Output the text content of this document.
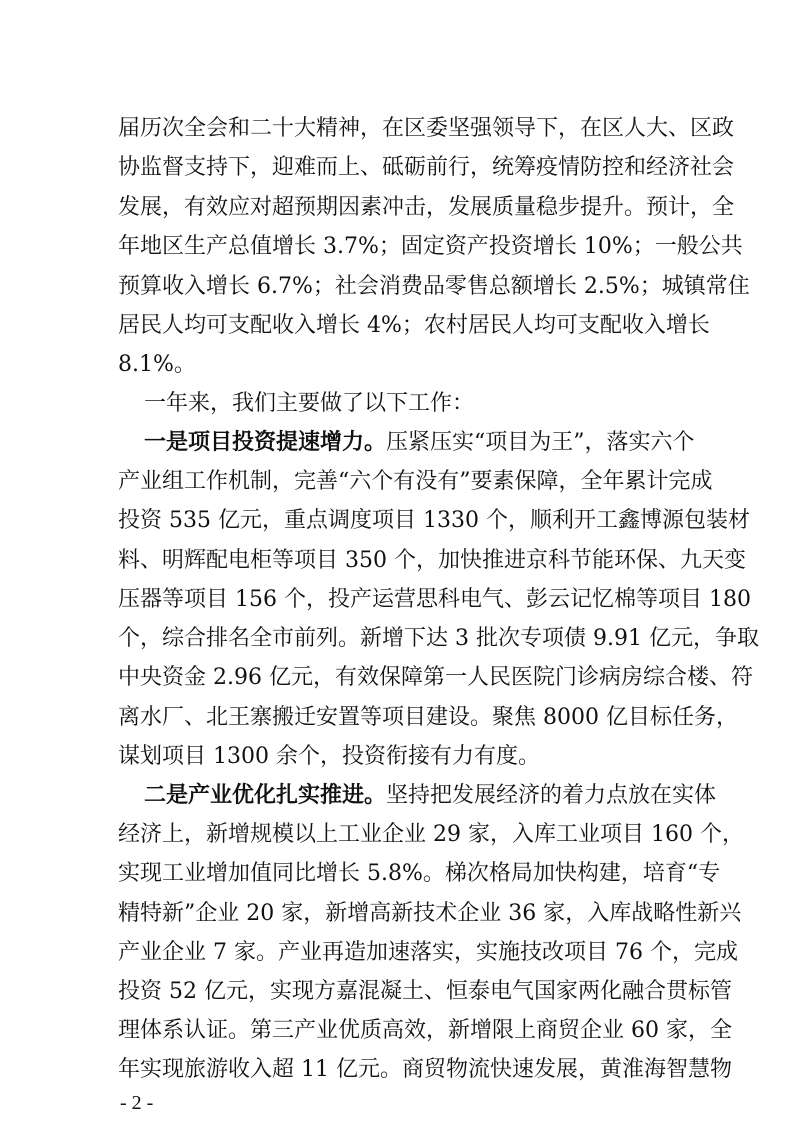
届历次全会和二十大精神，在区委坚强领导下，在区人大、区政
协监督支持下，迎难而上、砥砺前行，统筹疫情防控和经济社会
发展，有效应对超预期因素冲击，发展质量稳步提升。预计，全
年地区生产总值增长 3.7%；固定资产投资增长 10%；一般公共
预算收入增长 6.7%；社会消费品零售总额增长 2.5%；城镇常住
居民人均可支配收入增长 4%；农村居民人均可支配收入增长
8.1%。
一年来，我们主要做了以下工作：
一是项目投资提速增力。压紧压实“项目为王”，落实六个
产业组工作机制，完善“六个有没有”要素保障，全年累计完成
投资 535 亿元，重点调度项目 1330 个，顺利开工鑫博源包装材
料、明辉配电柜等项目 350 个，加快推进京科节能环保、九天变
压器等项目 156 个，投产运营思科电气、彭云记忆棉等项目 180
个，综合排名全市前列。新增下达 3 批次专项债 9.91 亿元，争取
中央资金 2.96 亿元，有效保障第一人民医院门诊病房综合楼、符
离水厂、北王寨搬迁安置等项目建设。聚焦 8000 亿目标任务，
谋划项目 1300 余个，投资衔接有力有度。
二是产业优化扎实推进。坚持把发展经济的着力点放在实体
经济上，新增规模以上工业企业 29 家，入库工业项目 160 个，
实现工业增加值同比增长 5.8%。梯次格局加快构建，培育“专
精特新”企业 20 家，新增高新技术企业 36 家，入库战略性新兴
产业企业 7 家。产业再造加速落实，实施技改项目 76 个，完成
投资 52 亿元，实现方嘉混凝土、恒泰电气国家两化融合贯标管
理体系认证。第三产业优质高效，新增限上商贸企业 60 家，全
年实现旅游收入超 11 亿元。商贸物流快速发展，黄淮海智慧物
- 2 -
